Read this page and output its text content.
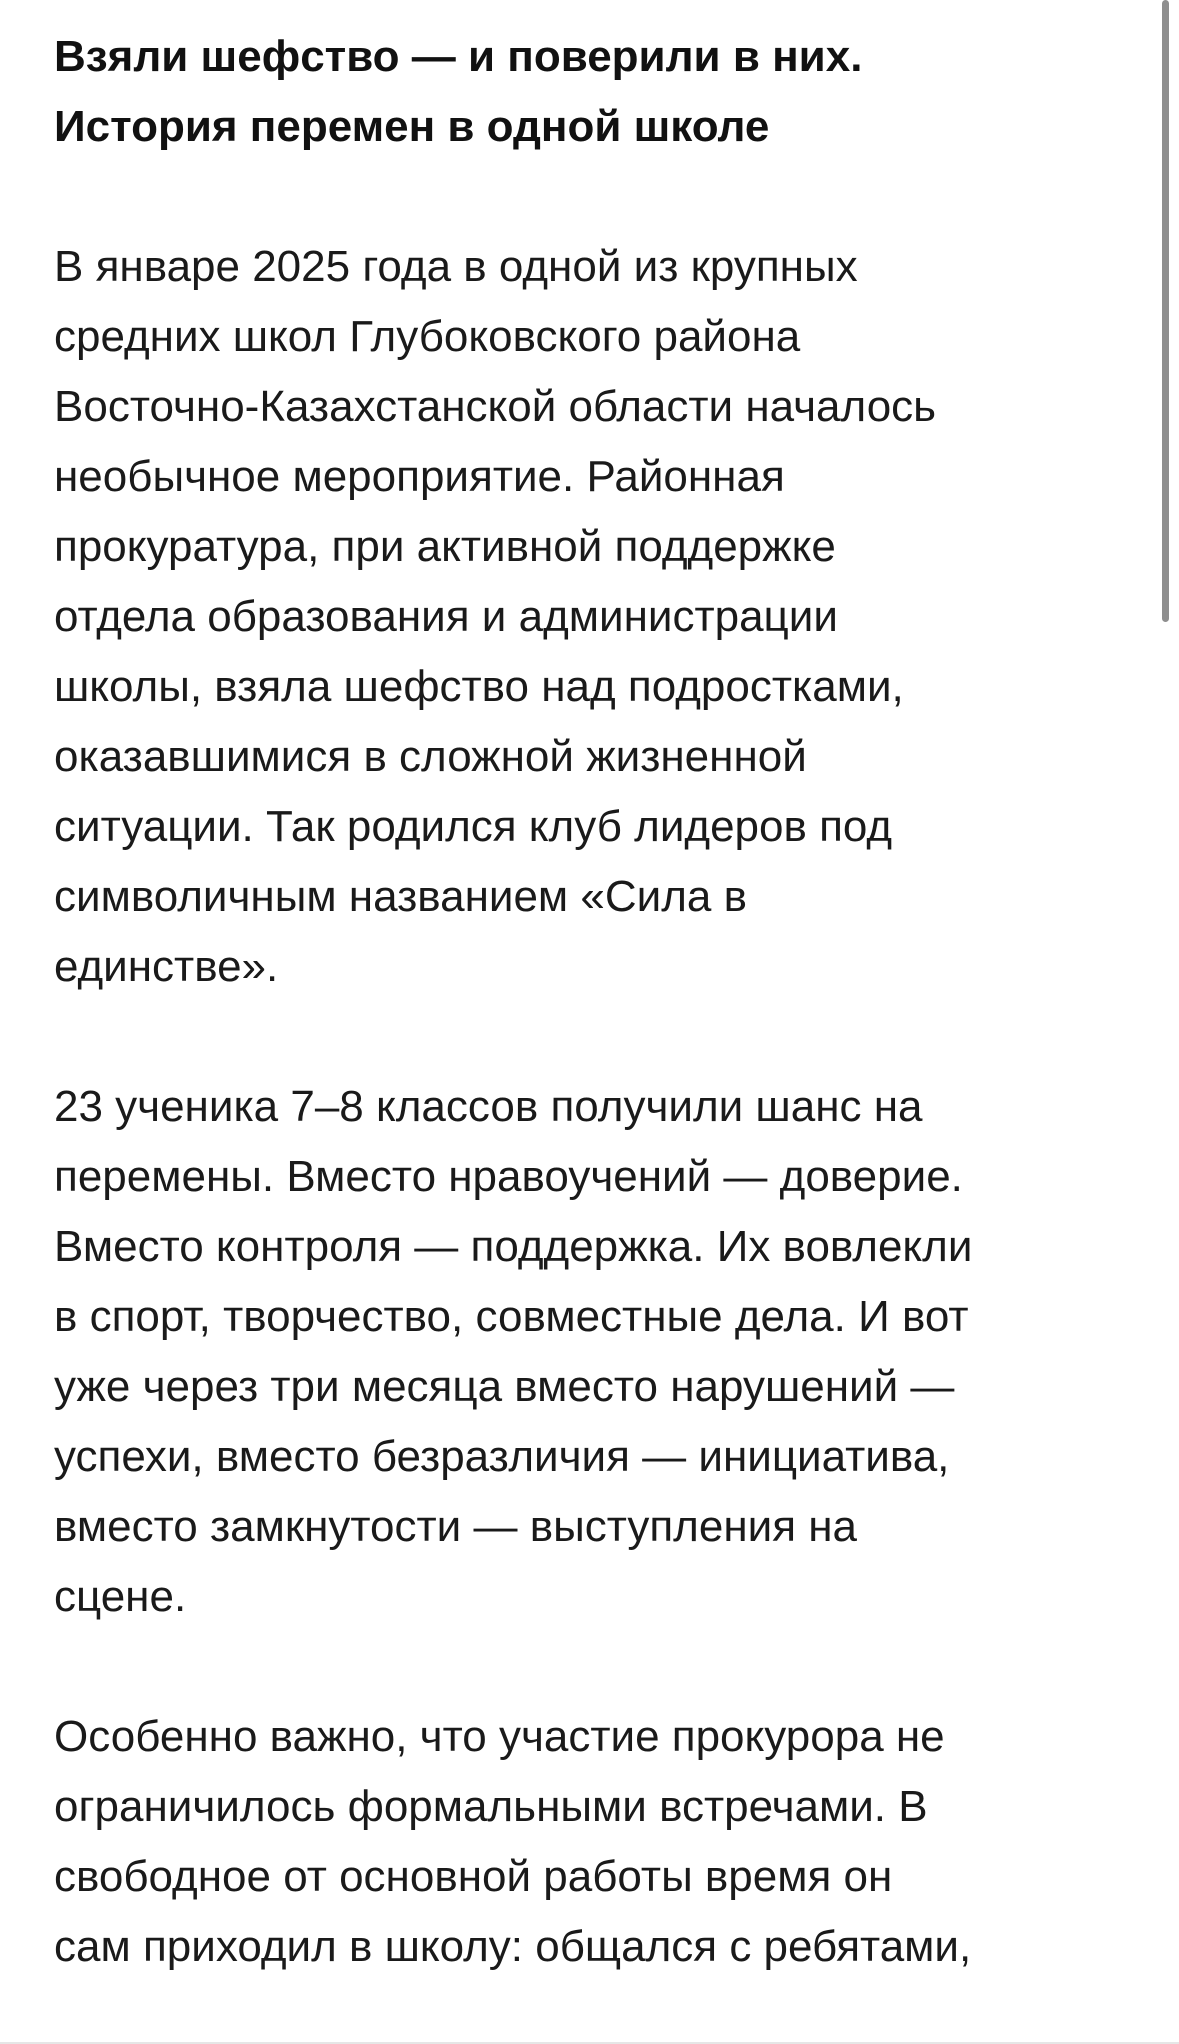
Взяли шефство — и поверили в них.
История перемен в одной школе

В январе 2025 года в одной из крупных
средних школ Глубоковского района
Восточно-Казахстанской области началось
необычное мероприятие. Районная
прокуратура, при активной поддержке
отдела образования и администрации
школы, взяла шефство над подростками,
оказавшимися в сложной жизненной
ситуации. Так родился клуб лидеров под
символичным названием «Сила в
единстве».

23 ученика 7–8 классов получили шанс на
перемены. Вместо нравоучений — доверие.
Вместо контроля — поддержка. Их вовлекли
в спорт, творчество, совместные дела. И вот
уже через три месяца вместо нарушений —
успехи, вместо безразличия — инициатива,
вместо замкнутости — выступления на
сцене.

Особенно важно, что участие прокурора не
ограничилось формальными встречами. В
свободное от основной работы время он
сам приходил в школу: общался с ребятами,
